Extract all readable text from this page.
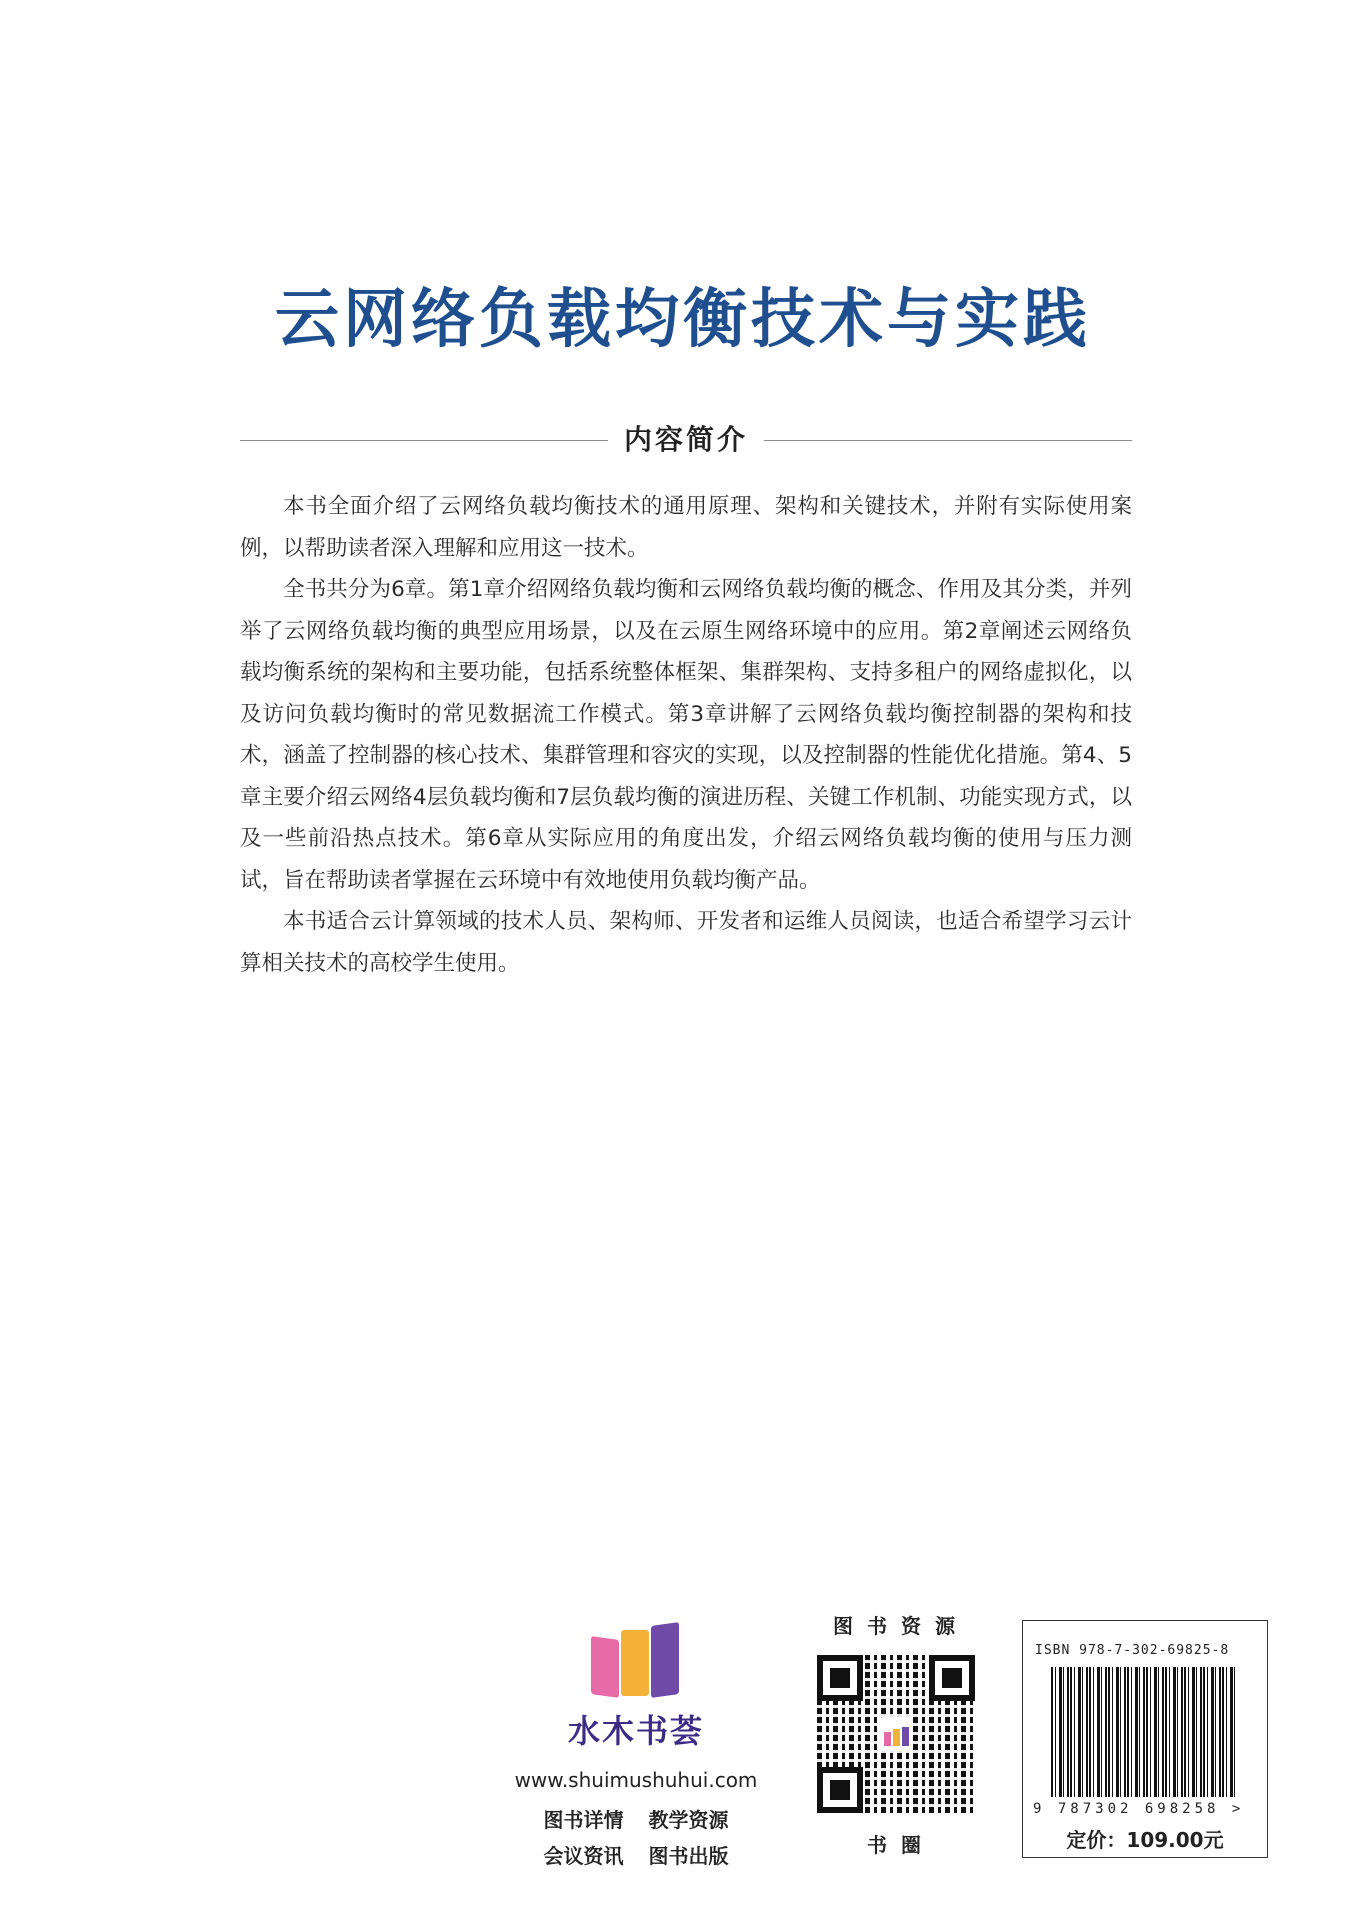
云网络负载均衡技术与实践
内容简介

本书全面介绍了云网络负载均衡技术的通用原理、架构和关键技术，并附有实际使用案例，以帮助读者深入理解和应用这一技术。

全书共分为6章。第1章介绍网络负载均衡和云网络负载均衡的概念、作用及其分类，并列举了云网络负载均衡的典型应用场景，以及在云原生网络环境中的应用。第2章阐述云网络负载均衡系统的架构和主要功能，包括系统整体框架、集群架构、支持多租户的网络虚拟化，以及访问负载均衡时的常见数据流工作模式。第3章讲解了云网络负载均衡控制器的架构和技术，涵盖了控制器的核心技术、集群管理和容灾的实现，以及控制器的性能优化措施。第4、5章主要介绍云网络4层负载均衡和7层负载均衡的演进历程、关键工作机制、功能实现方式，以及一些前沿热点技术。第6章从实际应用的角度出发，介绍云网络负载均衡的使用与压力测试，旨在帮助读者掌握在云环境中有效地使用负载均衡产品。

本书适合云计算领域的技术人员、架构师、开发者和运维人员阅读，也适合希望学习云计算相关技术的高校学生使用。

水木书荟
www.shuimushuhui.com
图书详情 教学资源
会议资讯 图书出版
图书资源
书圈
ISBN 978-7-302-69825-8
9 787302 698258 >
定价：109.00元
